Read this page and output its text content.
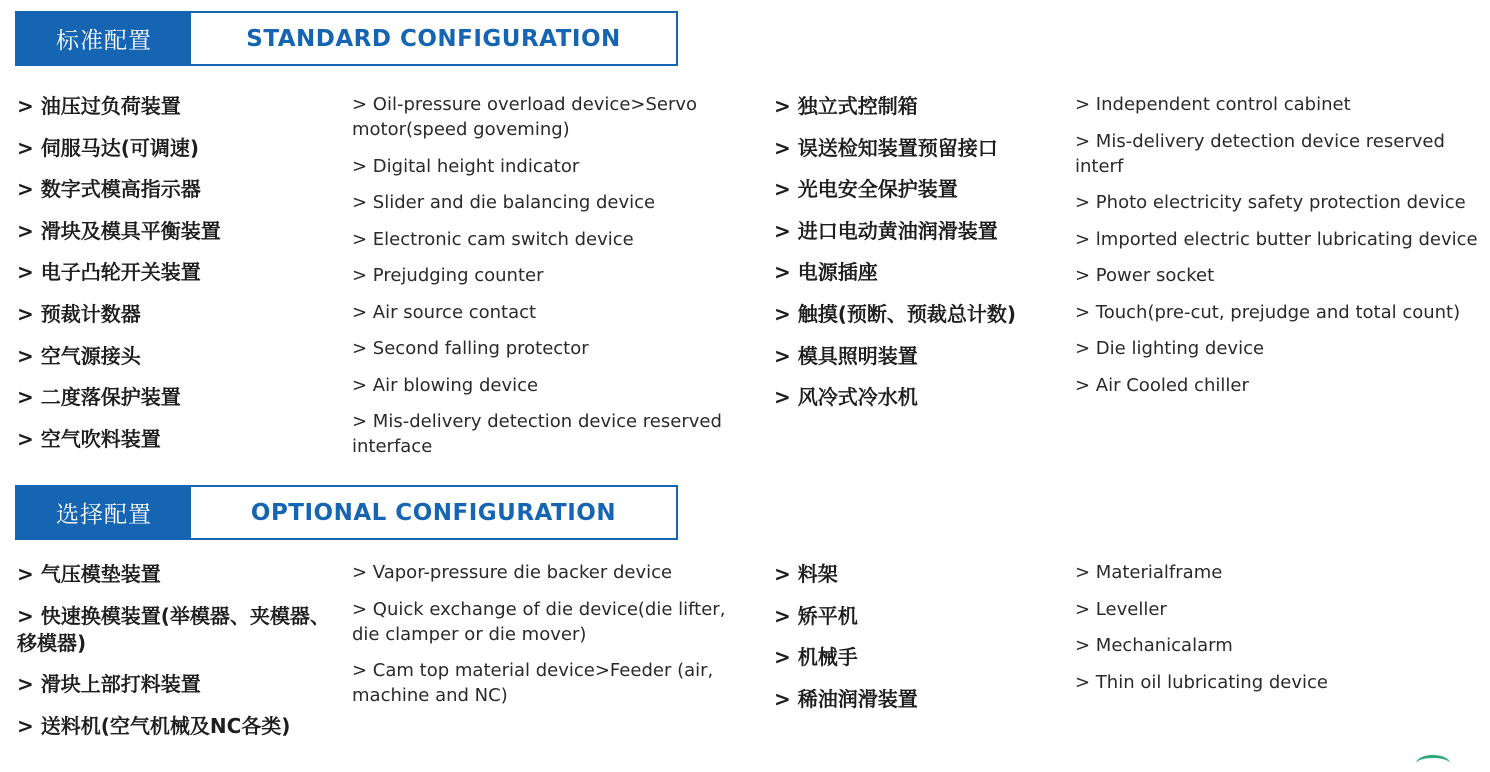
标准配置	STANDARD CONFIGURATION
> 油压过负荷装置
> 伺服马达(可调速)
> 数字式模高指示器
> 滑块及模具平衡装置
> 电子凸轮开关装置
> 预裁计数器
> 空气源接头
> 二度落保护装置
> 空气吹料装置
> Oil-pressure overload device>Servo motor(speed goveming)
> Digital height indicator
> Slider and die balancing device
> Electronic cam switch device
> Prejudging counter
> Air source contact
> Second falling protector
> Air blowing device
> Mis-delivery detection device reserved interface
> 独立式控制箱
> 误送检知装置预留接口
> 光电安全保护装置
> 进口电动黄油润滑装置
> 电源插座
> 触摸(预断、预裁总计数)
> 模具照明装置
> 风冷式冷水机
> Independent control cabinet
> Mis-delivery detection device reserved interf
> Photo electricity safety protection device
> lmported electric butter lubricating device
> Power socket
> Touch(pre-cut, prejudge and total count)
> Die lighting device
> Air Cooled chiller
选择配置	OPTIONAL CONFIGURATION
> 气压模垫装置
> 快速换模装置(举模器、夹模器、移模器)
> 滑块上部打料装置
> 送料机(空气机械及NC各类)
> Vapor-pressure die backer device
> Quick exchange of die device(die lifter, die clamper or die mover)
> Cam top material device>Feeder (air, machine and NC)
> 料架
> 矫平机
> 机械手
> 稀油润滑装置
> Materialframe
> Leveller
> Mechanicalarm
> Thin oil lubricating device
